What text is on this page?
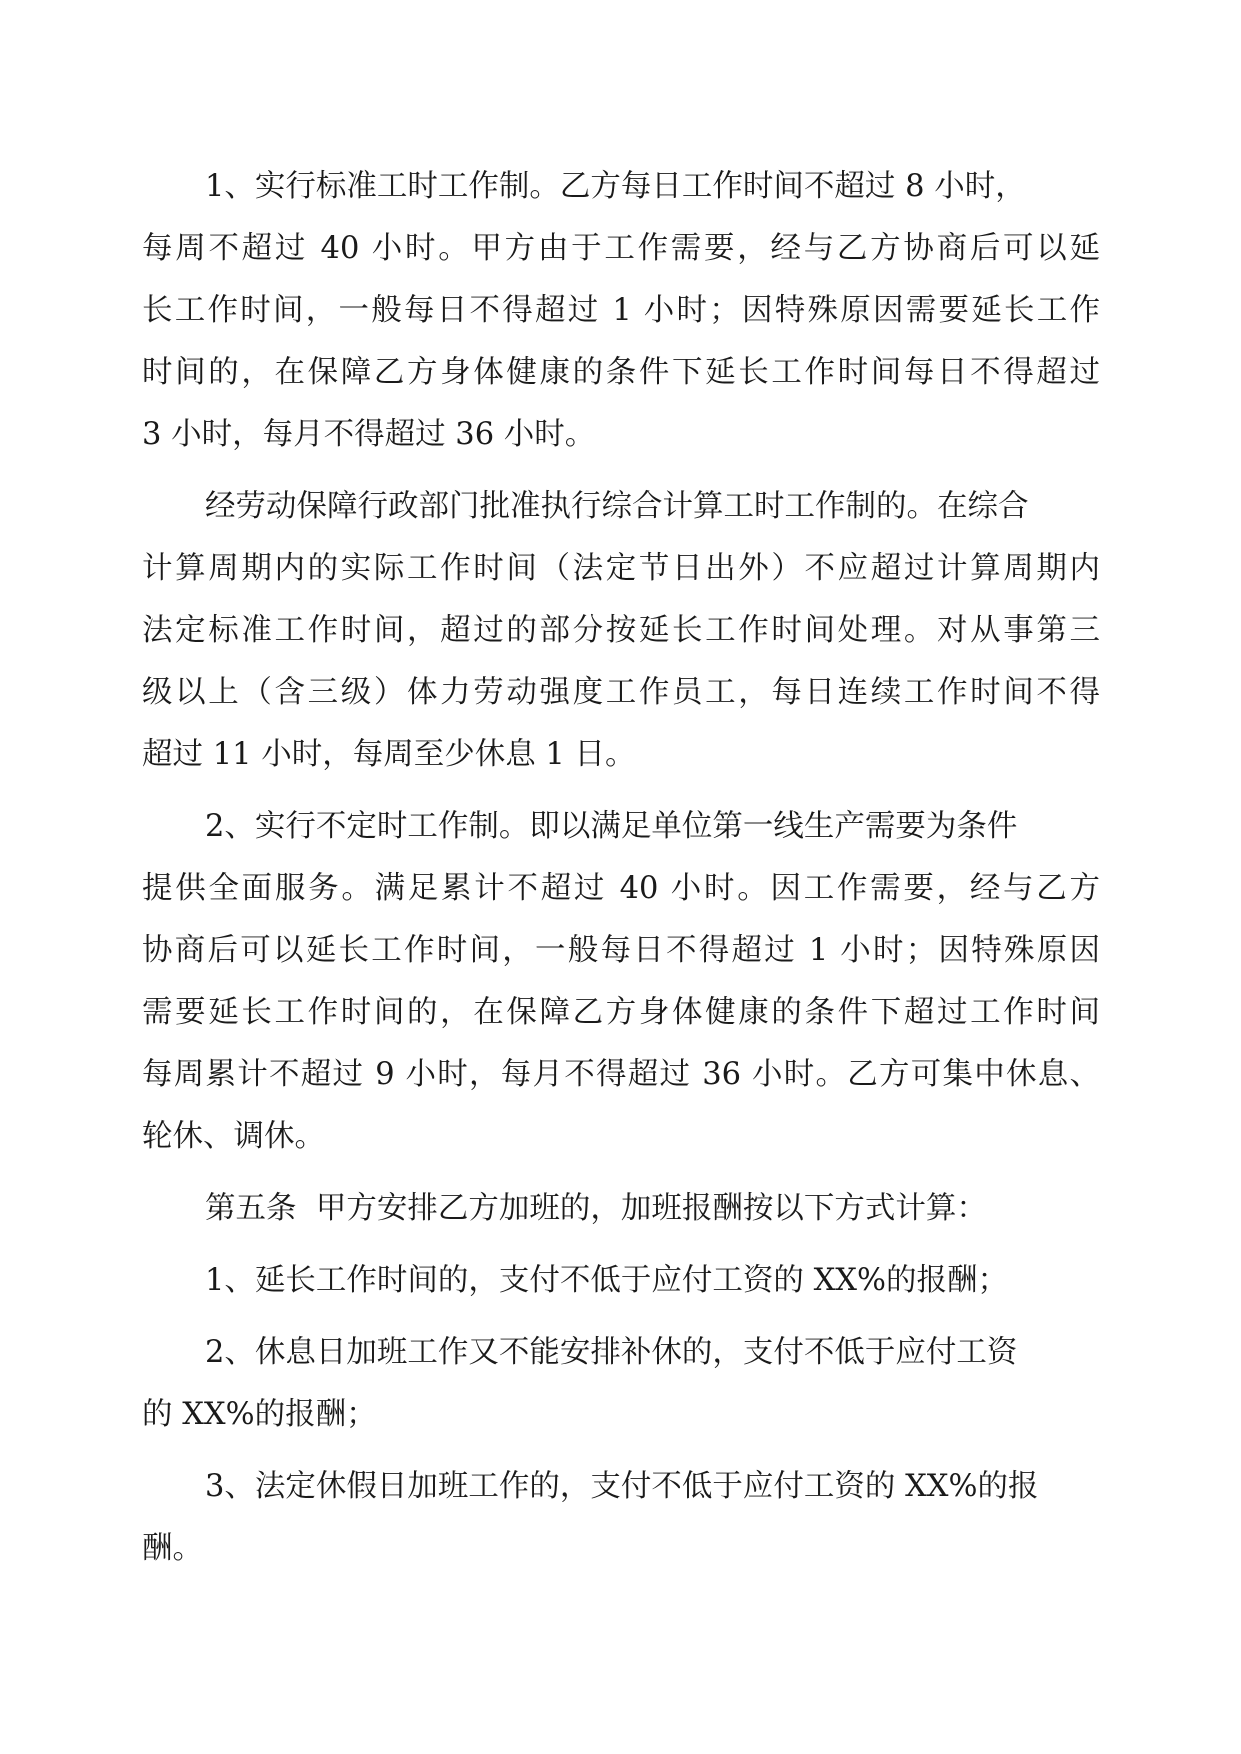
1、实行标准工时工作制。乙方每日工作时间不超过 8 小时，
每周不超过 40 小时。甲方由于工作需要，经与乙方协商后可以延
长工作时间，一般每日不得超过 1 小时；因特殊原因需要延长工作
时间的，在保障乙方身体健康的条件下延长工作时间每日不得超过
3 小时，每月不得超过 36 小时。
经劳动保障行政部门批准执行综合计算工时工作制的。在综合
计算周期内的实际工作时间（法定节日出外）不应超过计算周期内
法定标准工作时间，超过的部分按延长工作时间处理。对从事第三
级以上（含三级）体力劳动强度工作员工，每日连续工作时间不得
超过 11 小时，每周至少休息 1 日。
2、实行不定时工作制。即以满足单位第一线生产需要为条件
提供全面服务。满足累计不超过 40 小时。因工作需要，经与乙方
协商后可以延长工作时间，一般每日不得超过 1 小时；因特殊原因
需要延长工作时间的，在保障乙方身体健康的条件下超过工作时间
每周累计不超过 9 小时，每月不得超过 36 小时。乙方可集中休息、
轮休、调休。
第五条  甲方安排乙方加班的，加班报酬按以下方式计算：
1、延长工作时间的，支付不低于应付工资的 XX%的报酬；
2、休息日加班工作又不能安排补休的，支付不低于应付工资
的 XX%的报酬；
3、法定休假日加班工作的，支付不低于应付工资的 XX%的报
酬。
